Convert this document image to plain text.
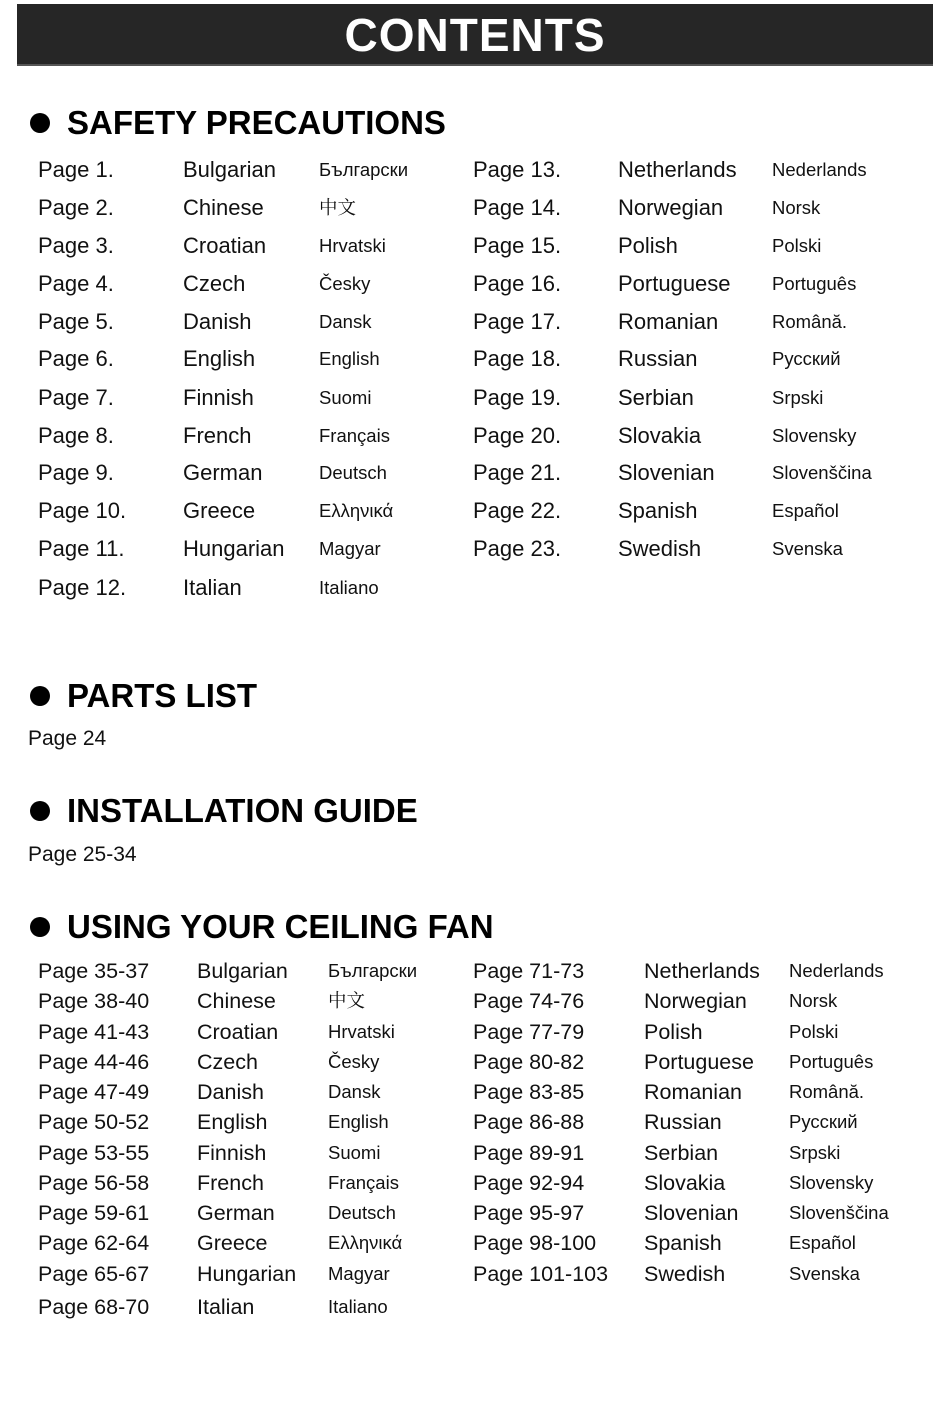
CONTENTS
SAFETY PRECAUTIONS
Page 1.	Bulgarian Български
Page 2.	Chinese	中文
Page 3.	Croatian	Hrvatski
Page 4.	Czech	Česky
Page 5.	Danish	Dansk
Page 6.	English	English
Page 7.	Finnish	Suomi
Page 8.	French	Français
Page 9.	German	Deutsch
Page 10.	Greece	Ελληνικά
Page 11.	Hungarian Magyar
Page 12.	Italian	Italiano
Page 13.	Netherlands Nederlands
Page 14.	Norwegian	Norsk
Page 15.	Polish	Polski
Page 16.	Portuguese Português
Page 17.	Romanian	Română.
Page 18.	Russian	Русский
Page 19.	Serbian	Srpski
Page 20.	Slovakia	Slovensky
Page 21.	Slovenian	Slovenščina
Page 22.	Spanish	Español
Page 23.	Swedish	Svenska
PARTS LIST
Page 24
INSTALLATION GUIDE
Page 25-34
USING YOUR CEILING FAN
Page 35-37 Bulgarian Български
Page 38-40 Chinese	中文
Page 41-43 Croatian	Hrvatski
Page 44-46 Czech	Česky
Page 47-49 Danish	Dansk
Page 50-52 English	English
Page 53-55 Finnish	Suomi
Page 56-58 French	Français
Page 59-61 German	Deutsch
Page 62-64 Greece	Ελληνικά
Page 65-67 Hungarian Magyar
Page 68-70 Italian	Italiano
Page 71-73	Netherlands Nederlands
Page 74-76	Norwegian Norsk
Page 77-79	Polish	Polski
Page 80-82	Portuguese Português
Page 83-85	Romanian	Română.
Page 86-88	Russian	Русский
Page 89-91	Serbian	Srpski
Page 92-94	Slovakia	Slovensky
Page 95-97	Slovenian	Slovenščina
Page 98-100 Spanish	Español
Page 101-103 Swedish	Svenska
